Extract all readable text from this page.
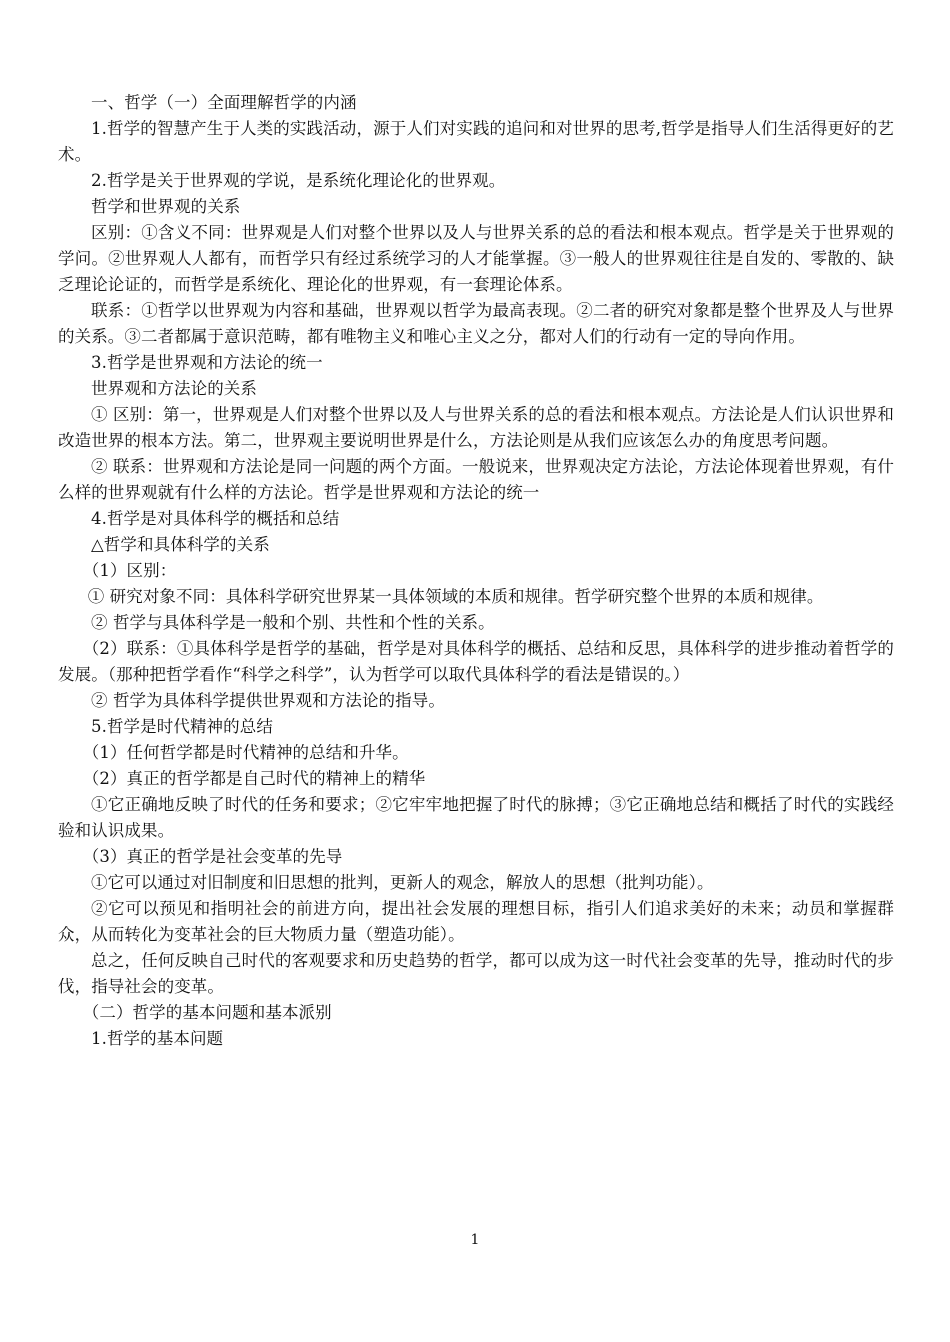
一、哲学（一）全面理解哲学的内涵

1.哲学的智慧产生于人类的实践活动，源于人们对实践的追问和对世界的思考,哲学是指导人们生活得更好的艺术。

2.哲学是关于世界观的学说，是系统化理论化的世界观。

哲学和世界观的关系

区别：①含义不同：世界观是人们对整个世界以及人与世界关系的总的看法和根本观点。哲学是关于世界观的学问。②世界观人人都有，而哲学只有经过系统学习的人才能掌握。③一般人的世界观往往是自发的、零散的、缺乏理论论证的，而哲学是系统化、理论化的世界观，有一套理论体系。

联系：①哲学以世界观为内容和基础，世界观以哲学为最高表现。②二者的研究对象都是整个世界及人与世界的关系。③二者都属于意识范畴，都有唯物主义和唯心主义之分，都对人们的行动有一定的导向作用。

3.哲学是世界观和方法论的统一

世界观和方法论的关系

① 区别：第一，世界观是人们对整个世界以及人与世界关系的总的看法和根本观点。方法论是人们认识世界和改造世界的根本方法。第二，世界观主要说明世界是什么，方法论则是从我们应该怎么办的角度思考问题。

② 联系：世界观和方法论是同一问题的两个方面。一般说来，世界观决定方法论，方法论体现着世界观，有什么样的世界观就有什么样的方法论。哲学是世界观和方法论的统一

4.哲学是对具体科学的概括和总结

△哲学和具体科学的关系

（1）区别：

① 研究对象不同：具体科学研究世界某一具体领域的本质和规律。哲学研究整个世界的本质和规律。

② 哲学与具体科学是一般和个别、共性和个性的关系。

（2）联系：①具体科学是哲学的基础，哲学是对具体科学的概括、总结和反思，具体科学的进步推动着哲学的发展。（那种把哲学看作“科学之科学”，认为哲学可以取代具体科学的看法是错误的。）

② 哲学为具体科学提供世界观和方法论的指导。

5.哲学是时代精神的总结

（1）任何哲学都是时代精神的总结和升华。

（2）真正的哲学都是自己时代的精神上的精华

①它正确地反映了时代的任务和要求；②它牢牢地把握了时代的脉搏；③它正确地总结和概括了时代的实践经验和认识成果。

（3）真正的哲学是社会变革的先导

①它可以通过对旧制度和旧思想的批判，更新人的观念，解放人的思想（批判功能）。

②它可以预见和指明社会的前进方向，提出社会发展的理想目标，指引人们追求美好的未来；动员和掌握群众，从而转化为变革社会的巨大物质力量（塑造功能）。

总之，任何反映自己时代的客观要求和历史趋势的哲学，都可以成为这一时代社会变革的先导，推动时代的步伐，指导社会的变革。

（二）哲学的基本问题和基本派别

1.哲学的基本问题

1
